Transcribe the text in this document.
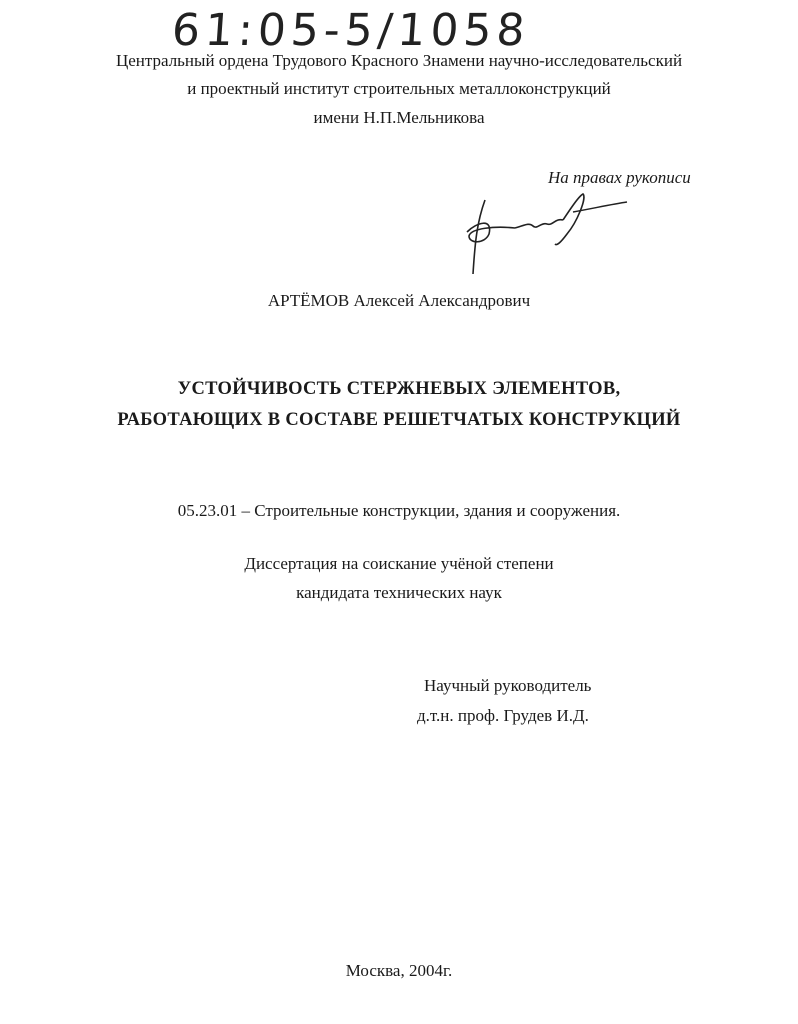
61:05-5/1058
Центральный ордена Трудового Красного Знамени научно-исследовательский
и проектный институт строительных металлоконструкций
имени Н.П.Мельникова
На правах рукописи
АРТЁМОВ Алексей Александрович
УСТОЙЧИВОСТЬ СТЕРЖНЕВЫХ ЭЛЕМЕНТОВ,
РАБОТАЮЩИХ В СОСТАВЕ РЕШЕТЧАТЫХ КОНСТРУКЦИЙ
05.23.01 – Строительные конструкции, здания и сооружения.
Диссертация на соискание учёной степени
кандидата технических наук
Научный руководитель
д.т.н. проф. Грудев И.Д.
Москва, 2004г.
